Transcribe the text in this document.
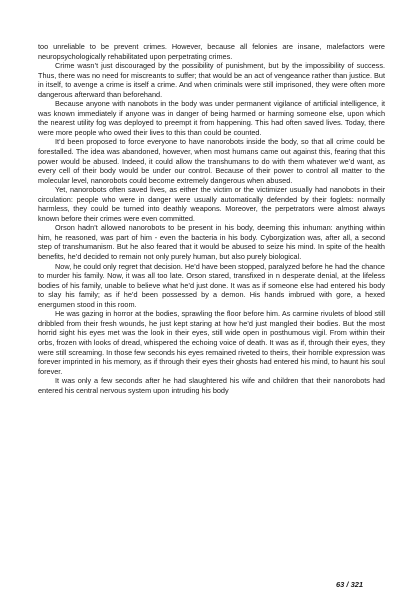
too unreliable to be prevent crimes. However, because all felonies are insane, malefactors were neuropsychologically rehabilitated upon perpetrating crimes.

Crime wasn’t just discouraged by the possibility of punishment, but by the impossibility of success. Thus, there was no need for miscreants to suffer; that would be an act of vengeance rather than justice. But in itself, to avenge a crime is itself a crime. And when criminals were still imprisoned, they were often more dangerous afterward than beforehand.

Because anyone with nanobots in the body was under permanent vigilance of artificial intelligence, it was known immediately if anyone was in danger of being harmed or harming someone else, upon which the nearest utility fog was deployed to preempt it from happening. This had often saved lives. Today, there were more people who owed their lives to this than could be counted.

It’d been proposed to force everyone to have nanorobots inside the body, so that all crime could be forestalled. The idea was abandoned, however, when most humans came out against this, fearing that this power would be abused. Indeed, it could allow the transhumans to do with them whatever we’d want, as every cell of their body would be under our control. Because of their power to control all matter to the molecular level, nanorobots could become extremely dangerous when abused.

Yet, nanorobots often saved lives, as either the victim or the victimizer usually had nanobots in their circulation: people who were in danger were usually automatically defended by their foglets: normally harmless, they could be turned into deathly weapons. Moreover, the perpetrators were almost always known before their crimes were even committed.

Orson hadn’t allowed nanorobots to be present in his body, deeming this inhuman: anything within him, he reasoned, was part of him - even the bacteria in his body. Cyborgization was, after all, a second step of transhumanism. But he also feared that it would be abused to seize his mind. In spite of the health benefits, he’d decided to remain not only purely human, but also purely biological.

Now, he could only regret that decision. He’d have been stopped, paralyzed before he had the chance to murder his family. Now, it was all too late. Orson stared, transfixed in n desperate denial, at the lifeless bodies of his family, unable to believe what he’d just done. It was as if someone else had entered his body to slay his family; as if he’d been possessed by a demon. His hands imbrued with gore, a hexed energumen stood in this room.

He was gazing in horror at the bodies, sprawling the floor before him. As carmine rivulets of blood still dribbled from their fresh wounds, he just kept staring at how he’d just mangled their bodies. But the most horrid sight his eyes met was the look in their eyes, still wide open in posthumous vigil. From within their orbs, frozen with looks of dread, whispered the echoing voice of death. It was as if, through their eyes, they were still screaming. In those few seconds his eyes remained riveted to theirs, their horrible expression was forever imprinted in his memory, as if through their eyes their ghosts had entered his mind, to haunt his soul forever.

It was only a few seconds after he had slaughtered his wife and children that their nanorobots had entered his central nervous system upon intruding his body

63 / 321
